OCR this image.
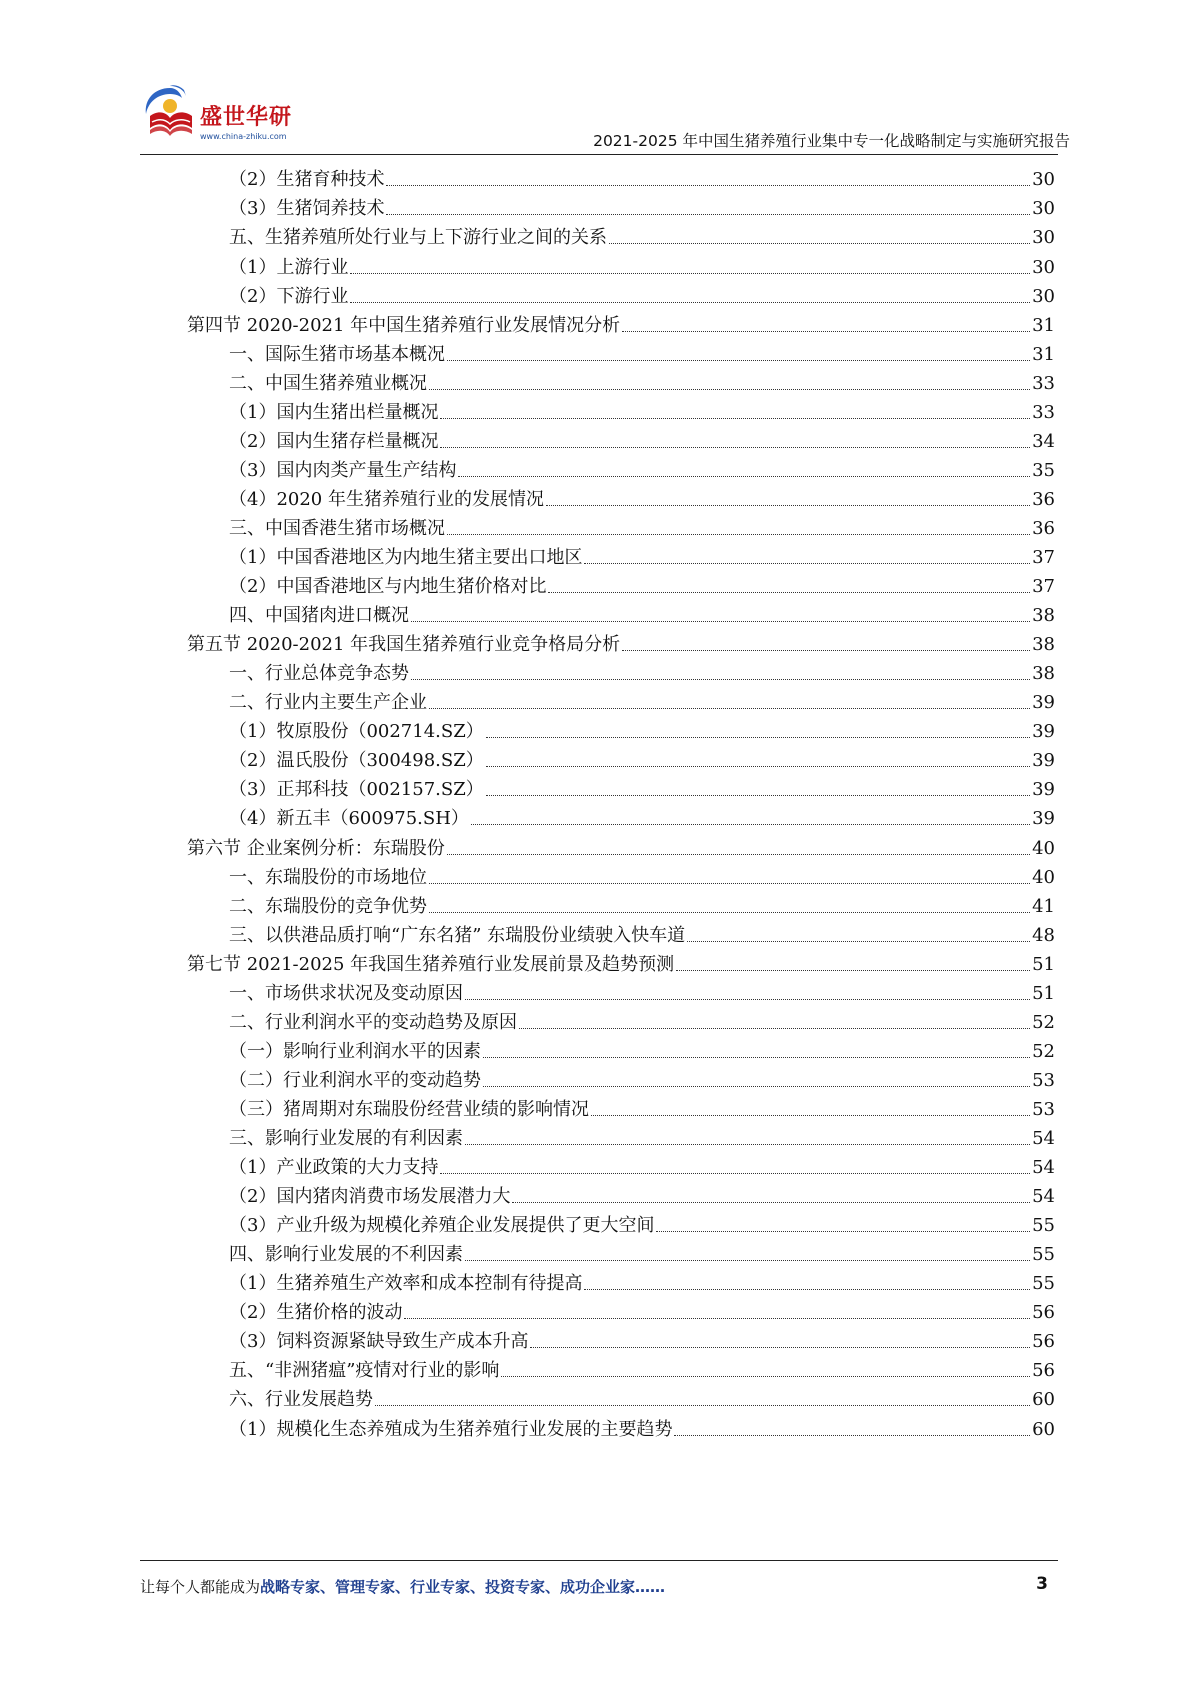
盛世华研
www.china-zhiku.com	2021-2025 年中国生猪养殖行业集中专一化战略制定与实施研究报告
（2）生猪育种技术	30
（3）生猪饲养技术	30
五、生猪养殖所处行业与上下游行业之间的关系	30
（1）上游行业	30
（2）下游行业	30
第四节 2020-2021 年中国生猪养殖行业发展情况分析	31
一、国际生猪市场基本概况	31
二、中国生猪养殖业概况	33
（1）国内生猪出栏量概况	33
（2）国内生猪存栏量概况	34
（3）国内肉类产量生产结构	35
（4）2020 年生猪养殖行业的发展情况	36
三、中国香港生猪市场概况	36
（1）中国香港地区为内地生猪主要出口地区	37
（2）中国香港地区与内地生猪价格对比	37
四、中国猪肉进口概况	38
第五节 2020-2021 年我国生猪养殖行业竞争格局分析	38
一、行业总体竞争态势	38
二、行业内主要生产企业	39
（1）牧原股份（002714.SZ）	39
（2）温氏股份（300498.SZ）	39
（3）正邦科技（002157.SZ）	39
（4）新五丰（600975.SH）	39
第六节 企业案例分析：东瑞股份	40
一、东瑞股份的市场地位	40
二、东瑞股份的竞争优势	41
三、以供港品质打响“广东名猪” 东瑞股份业绩驶入快车道	48
第七节 2021-2025 年我国生猪养殖行业发展前景及趋势预测	51
一、市场供求状况及变动原因	51
二、行业利润水平的变动趋势及原因	52
（一）影响行业利润水平的因素	52
（二）行业利润水平的变动趋势	53
（三）猪周期对东瑞股份经营业绩的影响情况	53
三、影响行业发展的有利因素	54
（1）产业政策的大力支持	54
（2）国内猪肉消费市场发展潜力大	54
（3）产业升级为规模化养殖企业发展提供了更大空间	55
四、影响行业发展的不利因素	55
（1）生猪养殖生产效率和成本控制有待提高	55
（2）生猪价格的波动	56
（3）饲料资源紧缺导致生产成本升高	56
五、“非洲猪瘟”疫情对行业的影响	56
六、行业发展趋势	60
（1）规模化生态养殖成为生猪养殖行业发展的主要趋势	60
让每个人都能成为战略专家、管理专家、行业专家、投资专家、成功企业家……	3
